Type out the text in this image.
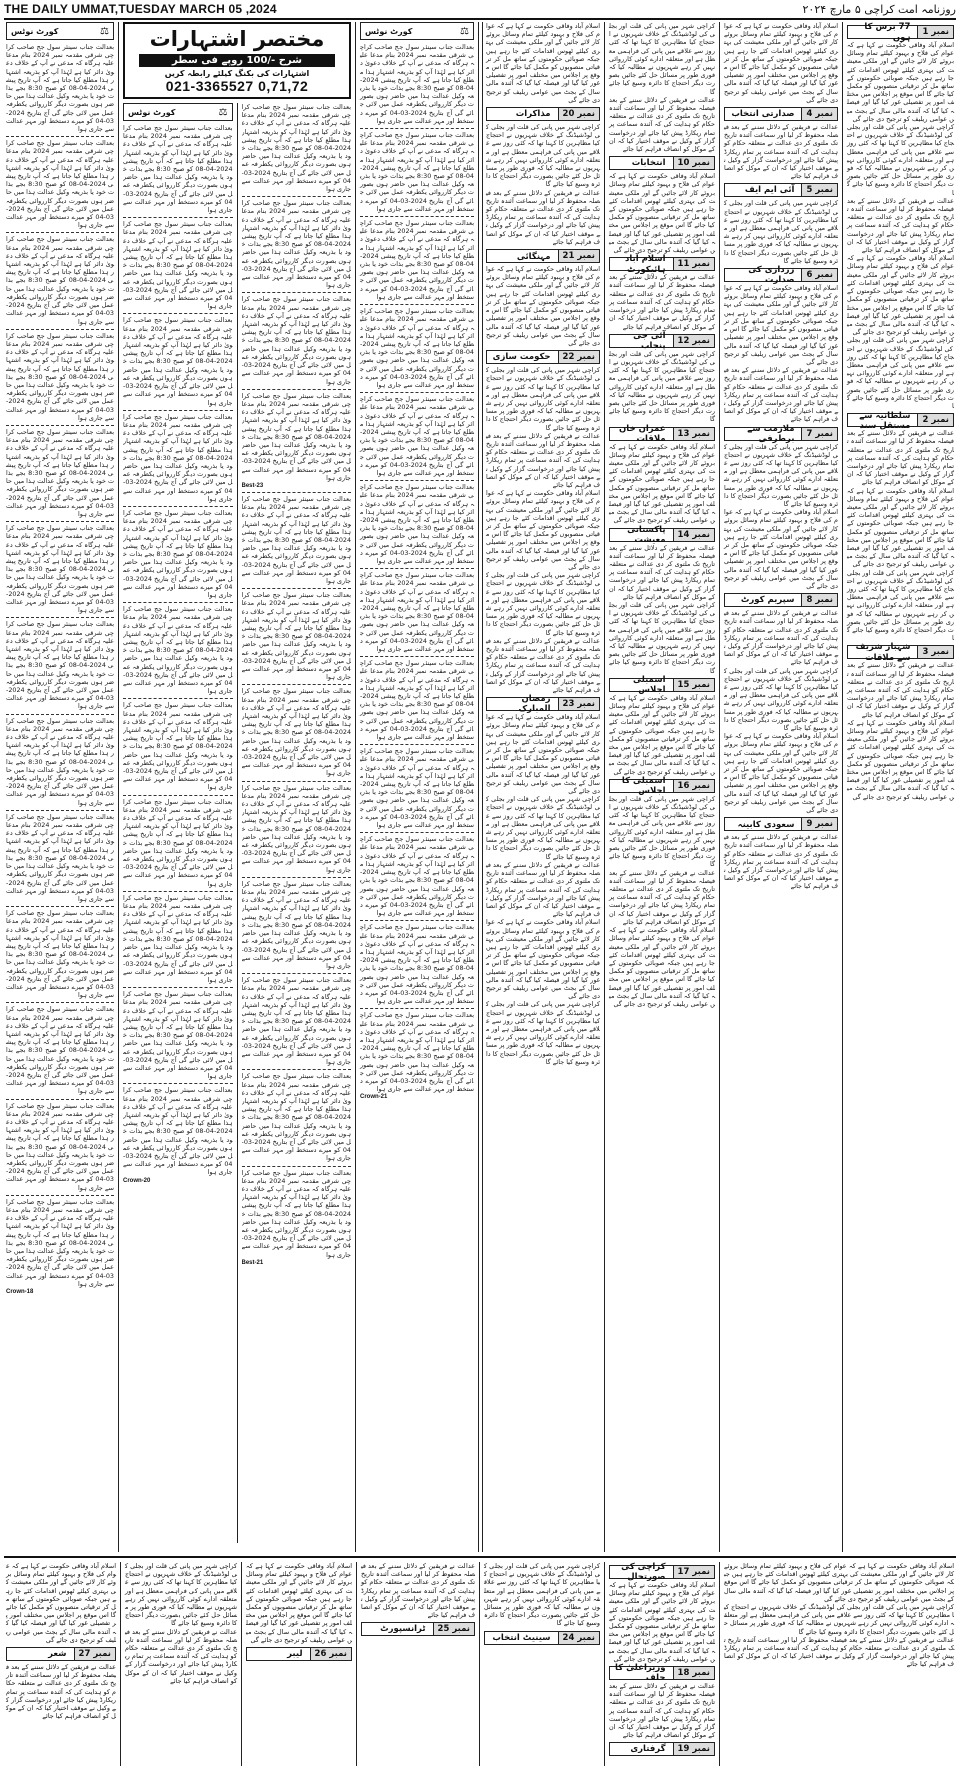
THE DAILY UMMAT,TUESDAY MARCH 05 ,2024	روزنامہ امت کراچی ۵ مارچ ۲۰۲۴
⚖
کورٹ نوٹس
بعدالت جناب سینئر سول جج صاحب کراچی شرقی مقدمہ نمبر 2024 بنام مدعا علیہ ہرگاہ کہ مدعی نے آپ کے خلاف دعویٰ دائر کیا ہے لہٰذا آپ کو بذریعہ اشتہار ہذا مطلع کیا جاتا ہے کہ آپ تاریخ پیشی 2024-04-08 کو صبح 8:30 بجے بذات خود یا بذریعہ وکیل عدالت ہذا میں حاضر ہوں بصورت دیگر کارروائی یکطرفہ عمل میں لائی جائے گی آج بتاریخ 2024-03-04 کو میرے دستخط اور مہر عدالت سے جاری ہوا
بعدالت جناب سینئر سول جج صاحب کراچی شرقی مقدمہ نمبر 2024 بنام مدعا علیہ ہرگاہ کہ مدعی نے آپ کے خلاف دعویٰ دائر کیا ہے لہٰذا آپ کو بذریعہ اشتہار ہذا مطلع کیا جاتا ہے کہ آپ تاریخ پیشی 2024-04-08 کو صبح 8:30 بجے بذات خود یا بذریعہ وکیل عدالت ہذا میں حاضر ہوں بصورت دیگر کارروائی یکطرفہ عمل میں لائی جائے گی آج بتاریخ 2024-03-04 کو میرے دستخط اور مہر عدالت سے جاری ہوا
بعدالت جناب سینئر سول جج صاحب کراچی شرقی مقدمہ نمبر 2024 بنام مدعا علیہ ہرگاہ کہ مدعی نے آپ کے خلاف دعویٰ دائر کیا ہے لہٰذا آپ کو بذریعہ اشتہار ہذا مطلع کیا جاتا ہے کہ آپ تاریخ پیشی 2024-04-08 کو صبح 8:30 بجے بذات خود یا بذریعہ وکیل عدالت ہذا میں حاضر ہوں بصورت دیگر کارروائی یکطرفہ عمل میں لائی جائے گی آج بتاریخ 2024-03-04 کو میرے دستخط اور مہر عدالت سے جاری ہوا
بعدالت جناب سینئر سول جج صاحب کراچی شرقی مقدمہ نمبر 2024 بنام مدعا علیہ ہرگاہ کہ مدعی نے آپ کے خلاف دعویٰ دائر کیا ہے لہٰذا آپ کو بذریعہ اشتہار ہذا مطلع کیا جاتا ہے کہ آپ تاریخ پیشی 2024-04-08 کو صبح 8:30 بجے بذات خود یا بذریعہ وکیل عدالت ہذا میں حاضر ہوں بصورت دیگر کارروائی یکطرفہ عمل میں لائی جائے گی آج بتاریخ 2024-03-04 کو میرے دستخط اور مہر عدالت سے جاری ہوا
بعدالت جناب سینئر سول جج صاحب کراچی شرقی مقدمہ نمبر 2024 بنام مدعا علیہ ہرگاہ کہ مدعی نے آپ کے خلاف دعویٰ دائر کیا ہے لہٰذا آپ کو بذریعہ اشتہار ہذا مطلع کیا جاتا ہے کہ آپ تاریخ پیشی 2024-04-08 کو صبح 8:30 بجے بذات خود یا بذریعہ وکیل عدالت ہذا میں حاضر ہوں بصورت دیگر کارروائی یکطرفہ عمل میں لائی جائے گی آج بتاریخ 2024-03-04 کو میرے دستخط اور مہر عدالت سے جاری ہوا
بعدالت جناب سینئر سول جج صاحب کراچی شرقی مقدمہ نمبر 2024 بنام مدعا علیہ ہرگاہ کہ مدعی نے آپ کے خلاف دعویٰ دائر کیا ہے لہٰذا آپ کو بذریعہ اشتہار ہذا مطلع کیا جاتا ہے کہ آپ تاریخ پیشی 2024-04-08 کو صبح 8:30 بجے بذات خود یا بذریعہ وکیل عدالت ہذا میں حاضر ہوں بصورت دیگر کارروائی یکطرفہ عمل میں لائی جائے گی آج بتاریخ 2024-03-04 کو میرے دستخط اور مہر عدالت سے جاری ہوا
بعدالت جناب سینئر سول جج صاحب کراچی شرقی مقدمہ نمبر 2024 بنام مدعا علیہ ہرگاہ کہ مدعی نے آپ کے خلاف دعویٰ دائر کیا ہے لہٰذا آپ کو بذریعہ اشتہار ہذا مطلع کیا جاتا ہے کہ آپ تاریخ پیشی 2024-04-08 کو صبح 8:30 بجے بذات خود یا بذریعہ وکیل عدالت ہذا میں حاضر ہوں بصورت دیگر کارروائی یکطرفہ عمل میں لائی جائے گی آج بتاریخ 2024-03-04 کو میرے دستخط اور مہر عدالت سے جاری ہوا
بعدالت جناب سینئر سول جج صاحب کراچی شرقی مقدمہ نمبر 2024 بنام مدعا علیہ ہرگاہ کہ مدعی نے آپ کے خلاف دعویٰ دائر کیا ہے لہٰذا آپ کو بذریعہ اشتہار ہذا مطلع کیا جاتا ہے کہ آپ تاریخ پیشی 2024-04-08 کو صبح 8:30 بجے بذات خود یا بذریعہ وکیل عدالت ہذا میں حاضر ہوں بصورت دیگر کارروائی یکطرفہ عمل میں لائی جائے گی آج بتاریخ 2024-03-04 کو میرے دستخط اور مہر عدالت سے جاری ہوا
بعدالت جناب سینئر سول جج صاحب کراچی شرقی مقدمہ نمبر 2024 بنام مدعا علیہ ہرگاہ کہ مدعی نے آپ کے خلاف دعویٰ دائر کیا ہے لہٰذا آپ کو بذریعہ اشتہار ہذا مطلع کیا جاتا ہے کہ آپ تاریخ پیشی 2024-04-08 کو صبح 8:30 بجے بذات خود یا بذریعہ وکیل عدالت ہذا میں حاضر ہوں بصورت دیگر کارروائی یکطرفہ عمل میں لائی جائے گی آج بتاریخ 2024-03-04 کو میرے دستخط اور مہر عدالت سے جاری ہوا
بعدالت جناب سینئر سول جج صاحب کراچی شرقی مقدمہ نمبر 2024 بنام مدعا علیہ ہرگاہ کہ مدعی نے آپ کے خلاف دعویٰ دائر کیا ہے لہٰذا آپ کو بذریعہ اشتہار ہذا مطلع کیا جاتا ہے کہ آپ تاریخ پیشی 2024-04-08 کو صبح 8:30 بجے بذات خود یا بذریعہ وکیل عدالت ہذا میں حاضر ہوں بصورت دیگر کارروائی یکطرفہ عمل میں لائی جائے گی آج بتاریخ 2024-03-04 کو میرے دستخط اور مہر عدالت سے جاری ہوا
بعدالت جناب سینئر سول جج صاحب کراچی شرقی مقدمہ نمبر 2024 بنام مدعا علیہ ہرگاہ کہ مدعی نے آپ کے خلاف دعویٰ دائر کیا ہے لہٰذا آپ کو بذریعہ اشتہار ہذا مطلع کیا جاتا ہے کہ آپ تاریخ پیشی 2024-04-08 کو صبح 8:30 بجے بذات خود یا بذریعہ وکیل عدالت ہذا میں حاضر ہوں بصورت دیگر کارروائی یکطرفہ عمل میں لائی جائے گی آج بتاریخ 2024-03-04 کو میرے دستخط اور مہر عدالت سے جاری ہوا
بعدالت جناب سینئر سول جج صاحب کراچی شرقی مقدمہ نمبر 2024 بنام مدعا علیہ ہرگاہ کہ مدعی نے آپ کے خلاف دعویٰ دائر کیا ہے لہٰذا آپ کو بذریعہ اشتہار ہذا مطلع کیا جاتا ہے کہ آپ تاریخ پیشی 2024-04-08 کو صبح 8:30 بجے بذات خود یا بذریعہ وکیل عدالت ہذا میں حاضر ہوں بصورت دیگر کارروائی یکطرفہ عمل میں لائی جائے گی آج بتاریخ 2024-03-04 کو میرے دستخط اور مہر عدالت سے جاری ہوا
بعدالت جناب سینئر سول جج صاحب کراچی شرقی مقدمہ نمبر 2024 بنام مدعا علیہ ہرگاہ کہ مدعی نے آپ کے خلاف دعویٰ دائر کیا ہے لہٰذا آپ کو بذریعہ اشتہار ہذا مطلع کیا جاتا ہے کہ آپ تاریخ پیشی 2024-04-08 کو صبح 8:30 بجے بذات خود یا بذریعہ وکیل عدالت ہذا میں حاضر ہوں بصورت دیگر کارروائی یکطرفہ عمل میں لائی جائے گی آج بتاریخ 2024-03-04 کو میرے دستخط اور مہر عدالت سے جاری ہوا
Crown-18
مختصر اشتہارات
شرح -/100 روپے فی سطر
اشتہارات کی بکنگ کیلئے رابطہ کریں
021-3365527 0,71,72
⚖
کورٹ نوٹس
بعدالت جناب سینئر سول جج صاحب کراچی شرقی مقدمہ نمبر 2024 بنام مدعا علیہ ہرگاہ کہ مدعی نے آپ کے خلاف دعویٰ دائر کیا ہے لہٰذا آپ کو بذریعہ اشتہار ہذا مطلع کیا جاتا ہے کہ آپ تاریخ پیشی 2024-04-08 کو صبح 8:30 بجے بذات خود یا بذریعہ وکیل عدالت ہذا میں حاضر ہوں بصورت دیگر کارروائی یکطرفہ عمل میں لائی جائے گی آج بتاریخ 2024-03-04 کو میرے دستخط اور مہر عدالت سے جاری ہوا
بعدالت جناب سینئر سول جج صاحب کراچی شرقی مقدمہ نمبر 2024 بنام مدعا علیہ ہرگاہ کہ مدعی نے آپ کے خلاف دعویٰ دائر کیا ہے لہٰذا آپ کو بذریعہ اشتہار ہذا مطلع کیا جاتا ہے کہ آپ تاریخ پیشی 2024-04-08 کو صبح 8:30 بجے بذات خود یا بذریعہ وکیل عدالت ہذا میں حاضر ہوں بصورت دیگر کارروائی یکطرفہ عمل میں لائی جائے گی آج بتاریخ 2024-03-04 کو میرے دستخط اور مہر عدالت سے جاری ہوا
بعدالت جناب سینئر سول جج صاحب کراچی شرقی مقدمہ نمبر 2024 بنام مدعا علیہ ہرگاہ کہ مدعی نے آپ کے خلاف دعویٰ دائر کیا ہے لہٰذا آپ کو بذریعہ اشتہار ہذا مطلع کیا جاتا ہے کہ آپ تاریخ پیشی 2024-04-08 کو صبح 8:30 بجے بذات خود یا بذریعہ وکیل عدالت ہذا میں حاضر ہوں بصورت دیگر کارروائی یکطرفہ عمل میں لائی جائے گی آج بتاریخ 2024-03-04 کو میرے دستخط اور مہر عدالت سے جاری ہوا
بعدالت جناب سینئر سول جج صاحب کراچی شرقی مقدمہ نمبر 2024 بنام مدعا علیہ ہرگاہ کہ مدعی نے آپ کے خلاف دعویٰ دائر کیا ہے لہٰذا آپ کو بذریعہ اشتہار ہذا مطلع کیا جاتا ہے کہ آپ تاریخ پیشی 2024-04-08 کو صبح 8:30 بجے بذات خود یا بذریعہ وکیل عدالت ہذا میں حاضر ہوں بصورت دیگر کارروائی یکطرفہ عمل میں لائی جائے گی آج بتاریخ 2024-03-04 کو میرے دستخط اور مہر عدالت سے جاری ہوا
بعدالت جناب سینئر سول جج صاحب کراچی شرقی مقدمہ نمبر 2024 بنام مدعا علیہ ہرگاہ کہ مدعی نے آپ کے خلاف دعویٰ دائر کیا ہے لہٰذا آپ کو بذریعہ اشتہار ہذا مطلع کیا جاتا ہے کہ آپ تاریخ پیشی 2024-04-08 کو صبح 8:30 بجے بذات خود یا بذریعہ وکیل عدالت ہذا میں حاضر ہوں بصورت دیگر کارروائی یکطرفہ عمل میں لائی جائے گی آج بتاریخ 2024-03-04 کو میرے دستخط اور مہر عدالت سے جاری ہوا
بعدالت جناب سینئر سول جج صاحب کراچی شرقی مقدمہ نمبر 2024 بنام مدعا علیہ ہرگاہ کہ مدعی نے آپ کے خلاف دعویٰ دائر کیا ہے لہٰذا آپ کو بذریعہ اشتہار ہذا مطلع کیا جاتا ہے کہ آپ تاریخ پیشی 2024-04-08 کو صبح 8:30 بجے بذات خود یا بذریعہ وکیل عدالت ہذا میں حاضر ہوں بصورت دیگر کارروائی یکطرفہ عمل میں لائی جائے گی آج بتاریخ 2024-03-04 کو میرے دستخط اور مہر عدالت سے جاری ہوا
بعدالت جناب سینئر سول جج صاحب کراچی شرقی مقدمہ نمبر 2024 بنام مدعا علیہ ہرگاہ کہ مدعی نے آپ کے خلاف دعویٰ دائر کیا ہے لہٰذا آپ کو بذریعہ اشتہار ہذا مطلع کیا جاتا ہے کہ آپ تاریخ پیشی 2024-04-08 کو صبح 8:30 بجے بذات خود یا بذریعہ وکیل عدالت ہذا میں حاضر ہوں بصورت دیگر کارروائی یکطرفہ عمل میں لائی جائے گی آج بتاریخ 2024-03-04 کو میرے دستخط اور مہر عدالت سے جاری ہوا
بعدالت جناب سینئر سول جج صاحب کراچی شرقی مقدمہ نمبر 2024 بنام مدعا علیہ ہرگاہ کہ مدعی نے آپ کے خلاف دعویٰ دائر کیا ہے لہٰذا آپ کو بذریعہ اشتہار ہذا مطلع کیا جاتا ہے کہ آپ تاریخ پیشی 2024-04-08 کو صبح 8:30 بجے بذات خود یا بذریعہ وکیل عدالت ہذا میں حاضر ہوں بصورت دیگر کارروائی یکطرفہ عمل میں لائی جائے گی آج بتاریخ 2024-03-04 کو میرے دستخط اور مہر عدالت سے جاری ہوا
بعدالت جناب سینئر سول جج صاحب کراچی شرقی مقدمہ نمبر 2024 بنام مدعا علیہ ہرگاہ کہ مدعی نے آپ کے خلاف دعویٰ دائر کیا ہے لہٰذا آپ کو بذریعہ اشتہار ہذا مطلع کیا جاتا ہے کہ آپ تاریخ پیشی 2024-04-08 کو صبح 8:30 بجے بذات خود یا بذریعہ وکیل عدالت ہذا میں حاضر ہوں بصورت دیگر کارروائی یکطرفہ عمل میں لائی جائے گی آج بتاریخ 2024-03-04 کو میرے دستخط اور مہر عدالت سے جاری ہوا
بعدالت جناب سینئر سول جج صاحب کراچی شرقی مقدمہ نمبر 2024 بنام مدعا علیہ ہرگاہ کہ مدعی نے آپ کے خلاف دعویٰ دائر کیا ہے لہٰذا آپ کو بذریعہ اشتہار ہذا مطلع کیا جاتا ہے کہ آپ تاریخ پیشی 2024-04-08 کو صبح 8:30 بجے بذات خود یا بذریعہ وکیل عدالت ہذا میں حاضر ہوں بصورت دیگر کارروائی یکطرفہ عمل میں لائی جائے گی آج بتاریخ 2024-03-04 کو میرے دستخط اور مہر عدالت سے جاری ہوا
بعدالت جناب سینئر سول جج صاحب کراچی شرقی مقدمہ نمبر 2024 بنام مدعا علیہ ہرگاہ کہ مدعی نے آپ کے خلاف دعویٰ دائر کیا ہے لہٰذا آپ کو بذریعہ اشتہار ہذا مطلع کیا جاتا ہے کہ آپ تاریخ پیشی 2024-04-08 کو صبح 8:30 بجے بذات خود یا بذریعہ وکیل عدالت ہذا میں حاضر ہوں بصورت دیگر کارروائی یکطرفہ عمل میں لائی جائے گی آج بتاریخ 2024-03-04 کو میرے دستخط اور مہر عدالت سے جاری ہوا
Crown-20
بعدالت جناب سینئر سول جج صاحب کراچی شرقی مقدمہ نمبر 2024 بنام مدعا علیہ ہرگاہ کہ مدعی نے آپ کے خلاف دعویٰ دائر کیا ہے لہٰذا آپ کو بذریعہ اشتہار ہذا مطلع کیا جاتا ہے کہ آپ تاریخ پیشی 2024-04-08 کو صبح 8:30 بجے بذات خود یا بذریعہ وکیل عدالت ہذا میں حاضر ہوں بصورت دیگر کارروائی یکطرفہ عمل میں لائی جائے گی آج بتاریخ 2024-03-04 کو میرے دستخط اور مہر عدالت سے جاری ہوا
بعدالت جناب سینئر سول جج صاحب کراچی شرقی مقدمہ نمبر 2024 بنام مدعا علیہ ہرگاہ کہ مدعی نے آپ کے خلاف دعویٰ دائر کیا ہے لہٰذا آپ کو بذریعہ اشتہار ہذا مطلع کیا جاتا ہے کہ آپ تاریخ پیشی 2024-04-08 کو صبح 8:30 بجے بذات خود یا بذریعہ وکیل عدالت ہذا میں حاضر ہوں بصورت دیگر کارروائی یکطرفہ عمل میں لائی جائے گی آج بتاریخ 2024-03-04 کو میرے دستخط اور مہر عدالت سے جاری ہوا
بعدالت جناب سینئر سول جج صاحب کراچی شرقی مقدمہ نمبر 2024 بنام مدعا علیہ ہرگاہ کہ مدعی نے آپ کے خلاف دعویٰ دائر کیا ہے لہٰذا آپ کو بذریعہ اشتہار ہذا مطلع کیا جاتا ہے کہ آپ تاریخ پیشی 2024-04-08 کو صبح 8:30 بجے بذات خود یا بذریعہ وکیل عدالت ہذا میں حاضر ہوں بصورت دیگر کارروائی یکطرفہ عمل میں لائی جائے گی آج بتاریخ 2024-03-04 کو میرے دستخط اور مہر عدالت سے جاری ہوا
بعدالت جناب سینئر سول جج صاحب کراچی شرقی مقدمہ نمبر 2024 بنام مدعا علیہ ہرگاہ کہ مدعی نے آپ کے خلاف دعویٰ دائر کیا ہے لہٰذا آپ کو بذریعہ اشتہار ہذا مطلع کیا جاتا ہے کہ آپ تاریخ پیشی 2024-04-08 کو صبح 8:30 بجے بذات خود یا بذریعہ وکیل عدالت ہذا میں حاضر ہوں بصورت دیگر کارروائی یکطرفہ عمل میں لائی جائے گی آج بتاریخ 2024-03-04 کو میرے دستخط اور مہر عدالت سے جاری ہوا
Best-23
بعدالت جناب سینئر سول جج صاحب کراچی شرقی مقدمہ نمبر 2024 بنام مدعا علیہ ہرگاہ کہ مدعی نے آپ کے خلاف دعویٰ دائر کیا ہے لہٰذا آپ کو بذریعہ اشتہار ہذا مطلع کیا جاتا ہے کہ آپ تاریخ پیشی 2024-04-08 کو صبح 8:30 بجے بذات خود یا بذریعہ وکیل عدالت ہذا میں حاضر ہوں بصورت دیگر کارروائی یکطرفہ عمل میں لائی جائے گی آج بتاریخ 2024-03-04 کو میرے دستخط اور مہر عدالت سے جاری ہوا
بعدالت جناب سینئر سول جج صاحب کراچی شرقی مقدمہ نمبر 2024 بنام مدعا علیہ ہرگاہ کہ مدعی نے آپ کے خلاف دعویٰ دائر کیا ہے لہٰذا آپ کو بذریعہ اشتہار ہذا مطلع کیا جاتا ہے کہ آپ تاریخ پیشی 2024-04-08 کو صبح 8:30 بجے بذات خود یا بذریعہ وکیل عدالت ہذا میں حاضر ہوں بصورت دیگر کارروائی یکطرفہ عمل میں لائی جائے گی آج بتاریخ 2024-03-04 کو میرے دستخط اور مہر عدالت سے جاری ہوا
بعدالت جناب سینئر سول جج صاحب کراچی شرقی مقدمہ نمبر 2024 بنام مدعا علیہ ہرگاہ کہ مدعی نے آپ کے خلاف دعویٰ دائر کیا ہے لہٰذا آپ کو بذریعہ اشتہار ہذا مطلع کیا جاتا ہے کہ آپ تاریخ پیشی 2024-04-08 کو صبح 8:30 بجے بذات خود یا بذریعہ وکیل عدالت ہذا میں حاضر ہوں بصورت دیگر کارروائی یکطرفہ عمل میں لائی جائے گی آج بتاریخ 2024-03-04 کو میرے دستخط اور مہر عدالت سے جاری ہوا
بعدالت جناب سینئر سول جج صاحب کراچی شرقی مقدمہ نمبر 2024 بنام مدعا علیہ ہرگاہ کہ مدعی نے آپ کے خلاف دعویٰ دائر کیا ہے لہٰذا آپ کو بذریعہ اشتہار ہذا مطلع کیا جاتا ہے کہ آپ تاریخ پیشی 2024-04-08 کو صبح 8:30 بجے بذات خود یا بذریعہ وکیل عدالت ہذا میں حاضر ہوں بصورت دیگر کارروائی یکطرفہ عمل میں لائی جائے گی آج بتاریخ 2024-03-04 کو میرے دستخط اور مہر عدالت سے جاری ہوا
بعدالت جناب سینئر سول جج صاحب کراچی شرقی مقدمہ نمبر 2024 بنام مدعا علیہ ہرگاہ کہ مدعی نے آپ کے خلاف دعویٰ دائر کیا ہے لہٰذا آپ کو بذریعہ اشتہار ہذا مطلع کیا جاتا ہے کہ آپ تاریخ پیشی 2024-04-08 کو صبح 8:30 بجے بذات خود یا بذریعہ وکیل عدالت ہذا میں حاضر ہوں بصورت دیگر کارروائی یکطرفہ عمل میں لائی جائے گی آج بتاریخ 2024-03-04 کو میرے دستخط اور مہر عدالت سے جاری ہوا
بعدالت جناب سینئر سول جج صاحب کراچی شرقی مقدمہ نمبر 2024 بنام مدعا علیہ ہرگاہ کہ مدعی نے آپ کے خلاف دعویٰ دائر کیا ہے لہٰذا آپ کو بذریعہ اشتہار ہذا مطلع کیا جاتا ہے کہ آپ تاریخ پیشی 2024-04-08 کو صبح 8:30 بجے بذات خود یا بذریعہ وکیل عدالت ہذا میں حاضر ہوں بصورت دیگر کارروائی یکطرفہ عمل میں لائی جائے گی آج بتاریخ 2024-03-04 کو میرے دستخط اور مہر عدالت سے جاری ہوا
بعدالت جناب سینئر سول جج صاحب کراچی شرقی مقدمہ نمبر 2024 بنام مدعا علیہ ہرگاہ کہ مدعی نے آپ کے خلاف دعویٰ دائر کیا ہے لہٰذا آپ کو بذریعہ اشتہار ہذا مطلع کیا جاتا ہے کہ آپ تاریخ پیشی 2024-04-08 کو صبح 8:30 بجے بذات خود یا بذریعہ وکیل عدالت ہذا میں حاضر ہوں بصورت دیگر کارروائی یکطرفہ عمل میں لائی جائے گی آج بتاریخ 2024-03-04 کو میرے دستخط اور مہر عدالت سے جاری ہوا
بعدالت جناب سینئر سول جج صاحب کراچی شرقی مقدمہ نمبر 2024 بنام مدعا علیہ ہرگاہ کہ مدعی نے آپ کے خلاف دعویٰ دائر کیا ہے لہٰذا آپ کو بذریعہ اشتہار ہذا مطلع کیا جاتا ہے کہ آپ تاریخ پیشی 2024-04-08 کو صبح 8:30 بجے بذات خود یا بذریعہ وکیل عدالت ہذا میں حاضر ہوں بصورت دیگر کارروائی یکطرفہ عمل میں لائی جائے گی آج بتاریخ 2024-03-04 کو میرے دستخط اور مہر عدالت سے جاری ہوا
Best-21
⚖
کورٹ نوٹس
بعدالت جناب سینئر سول جج صاحب کراچی شرقی مقدمہ نمبر 2024 بنام مدعا علیہ ہرگاہ کہ مدعی نے آپ کے خلاف دعویٰ دائر کیا ہے لہٰذا آپ کو بذریعہ اشتہار ہذا مطلع کیا جاتا ہے کہ آپ تاریخ پیشی 2024-04-08 کو صبح 8:30 بجے بذات خود یا بذریعہ وکیل عدالت ہذا میں حاضر ہوں بصورت دیگر کارروائی یکطرفہ عمل میں لائی جائے گی آج بتاریخ 2024-03-04 کو میرے دستخط اور مہر عدالت سے جاری ہوا
بعدالت جناب سینئر سول جج صاحب کراچی شرقی مقدمہ نمبر 2024 بنام مدعا علیہ ہرگاہ کہ مدعی نے آپ کے خلاف دعویٰ دائر کیا ہے لہٰذا آپ کو بذریعہ اشتہار ہذا مطلع کیا جاتا ہے کہ آپ تاریخ پیشی 2024-04-08 کو صبح 8:30 بجے بذات خود یا بذریعہ وکیل عدالت ہذا میں حاضر ہوں بصورت دیگر کارروائی یکطرفہ عمل میں لائی جائے گی آج بتاریخ 2024-03-04 کو میرے دستخط اور مہر عدالت سے جاری ہوا
بعدالت جناب سینئر سول جج صاحب کراچی شرقی مقدمہ نمبر 2024 بنام مدعا علیہ ہرگاہ کہ مدعی نے آپ کے خلاف دعویٰ دائر کیا ہے لہٰذا آپ کو بذریعہ اشتہار ہذا مطلع کیا جاتا ہے کہ آپ تاریخ پیشی 2024-04-08 کو صبح 8:30 بجے بذات خود یا بذریعہ وکیل عدالت ہذا میں حاضر ہوں بصورت دیگر کارروائی یکطرفہ عمل میں لائی جائے گی آج بتاریخ 2024-03-04 کو میرے دستخط اور مہر عدالت سے جاری ہوا
بعدالت جناب سینئر سول جج صاحب کراچی شرقی مقدمہ نمبر 2024 بنام مدعا علیہ ہرگاہ کہ مدعی نے آپ کے خلاف دعویٰ دائر کیا ہے لہٰذا آپ کو بذریعہ اشتہار ہذا مطلع کیا جاتا ہے کہ آپ تاریخ پیشی 2024-04-08 کو صبح 8:30 بجے بذات خود یا بذریعہ وکیل عدالت ہذا میں حاضر ہوں بصورت دیگر کارروائی یکطرفہ عمل میں لائی جائے گی آج بتاریخ 2024-03-04 کو میرے دستخط اور مہر عدالت سے جاری ہوا
بعدالت جناب سینئر سول جج صاحب کراچی شرقی مقدمہ نمبر 2024 بنام مدعا علیہ ہرگاہ کہ مدعی نے آپ کے خلاف دعویٰ دائر کیا ہے لہٰذا آپ کو بذریعہ اشتہار ہذا مطلع کیا جاتا ہے کہ آپ تاریخ پیشی 2024-04-08 کو صبح 8:30 بجے بذات خود یا بذریعہ وکیل عدالت ہذا میں حاضر ہوں بصورت دیگر کارروائی یکطرفہ عمل میں لائی جائے گی آج بتاریخ 2024-03-04 کو میرے دستخط اور مہر عدالت سے جاری ہوا
بعدالت جناب سینئر سول جج صاحب کراچی شرقی مقدمہ نمبر 2024 بنام مدعا علیہ ہرگاہ کہ مدعی نے آپ کے خلاف دعویٰ دائر کیا ہے لہٰذا آپ کو بذریعہ اشتہار ہذا مطلع کیا جاتا ہے کہ آپ تاریخ پیشی 2024-04-08 کو صبح 8:30 بجے بذات خود یا بذریعہ وکیل عدالت ہذا میں حاضر ہوں بصورت دیگر کارروائی یکطرفہ عمل میں لائی جائے گی آج بتاریخ 2024-03-04 کو میرے دستخط اور مہر عدالت سے جاری ہوا
بعدالت جناب سینئر سول جج صاحب کراچی شرقی مقدمہ نمبر 2024 بنام مدعا علیہ ہرگاہ کہ مدعی نے آپ کے خلاف دعویٰ دائر کیا ہے لہٰذا آپ کو بذریعہ اشتہار ہذا مطلع کیا جاتا ہے کہ آپ تاریخ پیشی 2024-04-08 کو صبح 8:30 بجے بذات خود یا بذریعہ وکیل عدالت ہذا میں حاضر ہوں بصورت دیگر کارروائی یکطرفہ عمل میں لائی جائے گی آج بتاریخ 2024-03-04 کو میرے دستخط اور مہر عدالت سے جاری ہوا
بعدالت جناب سینئر سول جج صاحب کراچی شرقی مقدمہ نمبر 2024 بنام مدعا علیہ ہرگاہ کہ مدعی نے آپ کے خلاف دعویٰ دائر کیا ہے لہٰذا آپ کو بذریعہ اشتہار ہذا مطلع کیا جاتا ہے کہ آپ تاریخ پیشی 2024-04-08 کو صبح 8:30 بجے بذات خود یا بذریعہ وکیل عدالت ہذا میں حاضر ہوں بصورت دیگر کارروائی یکطرفہ عمل میں لائی جائے گی آج بتاریخ 2024-03-04 کو میرے دستخط اور مہر عدالت سے جاری ہوا
بعدالت جناب سینئر سول جج صاحب کراچی شرقی مقدمہ نمبر 2024 بنام مدعا علیہ ہرگاہ کہ مدعی نے آپ کے خلاف دعویٰ دائر کیا ہے لہٰذا آپ کو بذریعہ اشتہار ہذا مطلع کیا جاتا ہے کہ آپ تاریخ پیشی 2024-04-08 کو صبح 8:30 بجے بذات خود یا بذریعہ وکیل عدالت ہذا میں حاضر ہوں بصورت دیگر کارروائی یکطرفہ عمل میں لائی جائے گی آج بتاریخ 2024-03-04 کو میرے دستخط اور مہر عدالت سے جاری ہوا
بعدالت جناب سینئر سول جج صاحب کراچی شرقی مقدمہ نمبر 2024 بنام مدعا علیہ ہرگاہ کہ مدعی نے آپ کے خلاف دعویٰ دائر کیا ہے لہٰذا آپ کو بذریعہ اشتہار ہذا مطلع کیا جاتا ہے کہ آپ تاریخ پیشی 2024-04-08 کو صبح 8:30 بجے بذات خود یا بذریعہ وکیل عدالت ہذا میں حاضر ہوں بصورت دیگر کارروائی یکطرفہ عمل میں لائی جائے گی آج بتاریخ 2024-03-04 کو میرے دستخط اور مہر عدالت سے جاری ہوا
بعدالت جناب سینئر سول جج صاحب کراچی شرقی مقدمہ نمبر 2024 بنام مدعا علیہ ہرگاہ کہ مدعی نے آپ کے خلاف دعویٰ دائر کیا ہے لہٰذا آپ کو بذریعہ اشتہار ہذا مطلع کیا جاتا ہے کہ آپ تاریخ پیشی 2024-04-08 کو صبح 8:30 بجے بذات خود یا بذریعہ وکیل عدالت ہذا میں حاضر ہوں بصورت دیگر کارروائی یکطرفہ عمل میں لائی جائے گی آج بتاریخ 2024-03-04 کو میرے دستخط اور مہر عدالت سے جاری ہوا
بعدالت جناب سینئر سول جج صاحب کراچی شرقی مقدمہ نمبر 2024 بنام مدعا علیہ ہرگاہ کہ مدعی نے آپ کے خلاف دعویٰ دائر کیا ہے لہٰذا آپ کو بذریعہ اشتہار ہذا مطلع کیا جاتا ہے کہ آپ تاریخ پیشی 2024-04-08 کو صبح 8:30 بجے بذات خود یا بذریعہ وکیل عدالت ہذا میں حاضر ہوں بصورت دیگر کارروائی یکطرفہ عمل میں لائی جائے گی آج بتاریخ 2024-03-04 کو میرے دستخط اور مہر عدالت سے جاری ہوا
Crown-21
اسلام آباد وفاقی حکومت نے کہا ہے کہ عوام کی فلاح و بہبود کیلئے تمام وسائل بروئے کار لائے جائیں گے اور ملکی معیشت کی بہتری کیلئے ٹھوس اقدامات کئے جا رہے ہیں جبکہ صوبائی حکومتوں کے ساتھ مل کر ترقیاتی منصوبوں کو مکمل کیا جائے گا اس موقع پر اجلاس میں مختلف امور پر تفصیلی غور کیا گیا اور فیصلہ کیا گیا کہ آئندہ مالی سال کے بجٹ میں عوامی ریلیف کو ترجیح دی جائے گی
نمبر

20
مذاکرات
کراچی شہر میں پانی کی قلت اور بجلی کی لوڈشیڈنگ کے خلاف شہریوں نے احتجاج کیا مظاہرین کا کہنا تھا کہ کئی روز سے علاقے میں پانی کی فراہمی معطل ہے اور متعلقہ ادارے کوئی کارروائی نہیں کر رہے شہریوں نے مطالبہ کیا کہ فوری طور پر مسائل حل کئے جائیں بصورت دیگر احتجاج کا دائرہ وسیع کیا جائے گا
عدالت نے فریقین کے دلائل سننے کے بعد فیصلہ محفوظ کر لیا اور سماعت آئندہ تاریخ تک ملتوی کر دی عدالت نے متعلقہ حکام کو ہدایت کی کہ آئندہ سماعت پر تمام ریکارڈ پیش کیا جائے اور درخواست گزار کے وکیل نے موقف اختیار کیا کہ ان کے موکل کو انصاف فراہم کیا جائے
نمبر

21
مہنگائی
اسلام آباد وفاقی حکومت نے کہا ہے کہ عوام کی فلاح و بہبود کیلئے تمام وسائل بروئے کار لائے جائیں گے اور ملکی معیشت کی بہتری کیلئے ٹھوس اقدامات کئے جا رہے ہیں جبکہ صوبائی حکومتوں کے ساتھ مل کر ترقیاتی منصوبوں کو مکمل کیا جائے گا اس موقع پر اجلاس میں مختلف امور پر تفصیلی غور کیا گیا اور فیصلہ کیا گیا کہ آئندہ مالی سال کے بجٹ میں عوامی ریلیف کو ترجیح دی جائے گی
نمبر

22
حکومت سازی
کراچی شہر میں پانی کی قلت اور بجلی کی لوڈشیڈنگ کے خلاف شہریوں نے احتجاج کیا مظاہرین کا کہنا تھا کہ کئی روز سے علاقے میں پانی کی فراہمی معطل ہے اور متعلقہ ادارے کوئی کارروائی نہیں کر رہے شہریوں نے مطالبہ کیا کہ فوری طور پر مسائل حل کئے جائیں بصورت دیگر احتجاج کا دائرہ وسیع کیا جائے گا
عدالت نے فریقین کے دلائل سننے کے بعد فیصلہ محفوظ کر لیا اور سماعت آئندہ تاریخ تک ملتوی کر دی عدالت نے متعلقہ حکام کو ہدایت کی کہ آئندہ سماعت پر تمام ریکارڈ پیش کیا جائے اور درخواست گزار کے وکیل نے موقف اختیار کیا کہ ان کے موکل کو انصاف فراہم کیا جائے
اسلام آباد وفاقی حکومت نے کہا ہے کہ عوام کی فلاح و بہبود کیلئے تمام وسائل بروئے کار لائے جائیں گے اور ملکی معیشت کی بہتری کیلئے ٹھوس اقدامات کئے جا رہے ہیں جبکہ صوبائی حکومتوں کے ساتھ مل کر ترقیاتی منصوبوں کو مکمل کیا جائے گا اس موقع پر اجلاس میں مختلف امور پر تفصیلی غور کیا گیا اور فیصلہ کیا گیا کہ آئندہ مالی سال کے بجٹ میں عوامی ریلیف کو ترجیح دی جائے گی
کراچی شہر میں پانی کی قلت اور بجلی کی لوڈشیڈنگ کے خلاف شہریوں نے احتجاج کیا مظاہرین کا کہنا تھا کہ کئی روز سے علاقے میں پانی کی فراہمی معطل ہے اور متعلقہ ادارے کوئی کارروائی نہیں کر رہے شہریوں نے مطالبہ کیا کہ فوری طور پر مسائل حل کئے جائیں بصورت دیگر احتجاج کا دائرہ وسیع کیا جائے گا
عدالت نے فریقین کے دلائل سننے کے بعد فیصلہ محفوظ کر لیا اور سماعت آئندہ تاریخ تک ملتوی کر دی عدالت نے متعلقہ حکام کو ہدایت کی کہ آئندہ سماعت پر تمام ریکارڈ پیش کیا جائے اور درخواست گزار کے وکیل نے موقف اختیار کیا کہ ان کے موکل کو انصاف فراہم کیا جائے
نمبر

23
رمضان المبارک
اسلام آباد وفاقی حکومت نے کہا ہے کہ عوام کی فلاح و بہبود کیلئے تمام وسائل بروئے کار لائے جائیں گے اور ملکی معیشت کی بہتری کیلئے ٹھوس اقدامات کئے جا رہے ہیں جبکہ صوبائی حکومتوں کے ساتھ مل کر ترقیاتی منصوبوں کو مکمل کیا جائے گا اس موقع پر اجلاس میں مختلف امور پر تفصیلی غور کیا گیا اور فیصلہ کیا گیا کہ آئندہ مالی سال کے بجٹ میں عوامی ریلیف کو ترجیح دی جائے گی
کراچی شہر میں پانی کی قلت اور بجلی کی لوڈشیڈنگ کے خلاف شہریوں نے احتجاج کیا مظاہرین کا کہنا تھا کہ کئی روز سے علاقے میں پانی کی فراہمی معطل ہے اور متعلقہ ادارے کوئی کارروائی نہیں کر رہے شہریوں نے مطالبہ کیا کہ فوری طور پر مسائل حل کئے جائیں بصورت دیگر احتجاج کا دائرہ وسیع کیا جائے گا
عدالت نے فریقین کے دلائل سننے کے بعد فیصلہ محفوظ کر لیا اور سماعت آئندہ تاریخ تک ملتوی کر دی عدالت نے متعلقہ حکام کو ہدایت کی کہ آئندہ سماعت پر تمام ریکارڈ پیش کیا جائے اور درخواست گزار کے وکیل نے موقف اختیار کیا کہ ان کے موکل کو انصاف فراہم کیا جائے
اسلام آباد وفاقی حکومت نے کہا ہے کہ عوام کی فلاح و بہبود کیلئے تمام وسائل بروئے کار لائے جائیں گے اور ملکی معیشت کی بہتری کیلئے ٹھوس اقدامات کئے جا رہے ہیں جبکہ صوبائی حکومتوں کے ساتھ مل کر ترقیاتی منصوبوں کو مکمل کیا جائے گا اس موقع پر اجلاس میں مختلف امور پر تفصیلی غور کیا گیا اور فیصلہ کیا گیا کہ آئندہ مالی سال کے بجٹ میں عوامی ریلیف کو ترجیح دی جائے گی
کراچی شہر میں پانی کی قلت اور بجلی کی لوڈشیڈنگ کے خلاف شہریوں نے احتجاج کیا مظاہرین کا کہنا تھا کہ کئی روز سے علاقے میں پانی کی فراہمی معطل ہے اور متعلقہ ادارے کوئی کارروائی نہیں کر رہے شہریوں نے مطالبہ کیا کہ فوری طور پر مسائل حل کئے جائیں بصورت دیگر احتجاج کا دائرہ وسیع کیا جائے گا
کراچی شہر میں پانی کی قلت اور بجلی کی لوڈشیڈنگ کے خلاف شہریوں نے احتجاج کیا مظاہرین کا کہنا تھا کہ کئی روز سے علاقے میں پانی کی فراہمی معطل ہے اور متعلقہ ادارے کوئی کارروائی نہیں کر رہے شہریوں نے مطالبہ کیا کہ فوری طور پر مسائل حل کئے جائیں بصورت دیگر احتجاج کا دائرہ وسیع کیا جائے گا
عدالت نے فریقین کے دلائل سننے کے بعد فیصلہ محفوظ کر لیا اور سماعت آئندہ تاریخ تک ملتوی کر دی عدالت نے متعلقہ حکام کو ہدایت کی کہ آئندہ سماعت پر تمام ریکارڈ پیش کیا جائے اور درخواست گزار کے وکیل نے موقف اختیار کیا کہ ان کے موکل کو انصاف فراہم کیا جائے
نمبر

10
انتخابات
اسلام آباد وفاقی حکومت نے کہا ہے کہ عوام کی فلاح و بہبود کیلئے تمام وسائل بروئے کار لائے جائیں گے اور ملکی معیشت کی بہتری کیلئے ٹھوس اقدامات کئے جا رہے ہیں جبکہ صوبائی حکومتوں کے ساتھ مل کر ترقیاتی منصوبوں کو مکمل کیا جائے گا اس موقع پر اجلاس میں مختلف امور پر تفصیلی غور کیا گیا اور فیصلہ کیا گیا کہ آئندہ مالی سال کے بجٹ میں عوامی ریلیف کو ترجیح دی جائے گی
نمبر

11
اسلام آباد ہائیکورٹ
عدالت نے فریقین کے دلائل سننے کے بعد فیصلہ محفوظ کر لیا اور سماعت آئندہ تاریخ تک ملتوی کر دی عدالت نے متعلقہ حکام کو ہدایت کی کہ آئندہ سماعت پر تمام ریکارڈ پیش کیا جائے اور درخواست گزار کے وکیل نے موقف اختیار کیا کہ ان کے موکل کو انصاف فراہم کیا جائے
نمبر

12
آئی جی پنجاب
کراچی شہر میں پانی کی قلت اور بجلی کی لوڈشیڈنگ کے خلاف شہریوں نے احتجاج کیا مظاہرین کا کہنا تھا کہ کئی روز سے علاقے میں پانی کی فراہمی معطل ہے اور متعلقہ ادارے کوئی کارروائی نہیں کر رہے شہریوں نے مطالبہ کیا کہ فوری طور پر مسائل حل کئے جائیں بصورت دیگر احتجاج کا دائرہ وسیع کیا جائے گا
نمبر

13
عمران خان ملاقات
اسلام آباد وفاقی حکومت نے کہا ہے کہ عوام کی فلاح و بہبود کیلئے تمام وسائل بروئے کار لائے جائیں گے اور ملکی معیشت کی بہتری کیلئے ٹھوس اقدامات کئے جا رہے ہیں جبکہ صوبائی حکومتوں کے ساتھ مل کر ترقیاتی منصوبوں کو مکمل کیا جائے گا اس موقع پر اجلاس میں مختلف امور پر تفصیلی غور کیا گیا اور فیصلہ کیا گیا کہ آئندہ مالی سال کے بجٹ میں عوامی ریلیف کو ترجیح دی جائے گی
نمبر

14
پاکستانی معیشت
عدالت نے فریقین کے دلائل سننے کے بعد فیصلہ محفوظ کر لیا اور سماعت آئندہ تاریخ تک ملتوی کر دی عدالت نے متعلقہ حکام کو ہدایت کی کہ آئندہ سماعت پر تمام ریکارڈ پیش کیا جائے اور درخواست گزار کے وکیل نے موقف اختیار کیا کہ ان کے موکل کو انصاف فراہم کیا جائے
کراچی شہر میں پانی کی قلت اور بجلی کی لوڈشیڈنگ کے خلاف شہریوں نے احتجاج کیا مظاہرین کا کہنا تھا کہ کئی روز سے علاقے میں پانی کی فراہمی معطل ہے اور متعلقہ ادارے کوئی کارروائی نہیں کر رہے شہریوں نے مطالبہ کیا کہ فوری طور پر مسائل حل کئے جائیں بصورت دیگر احتجاج کا دائرہ وسیع کیا جائے گا
نمبر

15
اسمبلی اجلاس
اسلام آباد وفاقی حکومت نے کہا ہے کہ عوام کی فلاح و بہبود کیلئے تمام وسائل بروئے کار لائے جائیں گے اور ملکی معیشت کی بہتری کیلئے ٹھوس اقدامات کئے جا رہے ہیں جبکہ صوبائی حکومتوں کے ساتھ مل کر ترقیاتی منصوبوں کو مکمل کیا جائے گا اس موقع پر اجلاس میں مختلف امور پر تفصیلی غور کیا گیا اور فیصلہ کیا گیا کہ آئندہ مالی سال کے بجٹ میں عوامی ریلیف کو ترجیح دی جائے گی
نمبر

16
اسمبلی کا اجلاس
کراچی شہر میں پانی کی قلت اور بجلی کی لوڈشیڈنگ کے خلاف شہریوں نے احتجاج کیا مظاہرین کا کہنا تھا کہ کئی روز سے علاقے میں پانی کی فراہمی معطل ہے اور متعلقہ ادارے کوئی کارروائی نہیں کر رہے شہریوں نے مطالبہ کیا کہ فوری طور پر مسائل حل کئے جائیں بصورت دیگر احتجاج کا دائرہ وسیع کیا جائے گا
عدالت نے فریقین کے دلائل سننے کے بعد فیصلہ محفوظ کر لیا اور سماعت آئندہ تاریخ تک ملتوی کر دی عدالت نے متعلقہ حکام کو ہدایت کی کہ آئندہ سماعت پر تمام ریکارڈ پیش کیا جائے اور درخواست گزار کے وکیل نے موقف اختیار کیا کہ ان کے موکل کو انصاف فراہم کیا جائے
اسلام آباد وفاقی حکومت نے کہا ہے کہ عوام کی فلاح و بہبود کیلئے تمام وسائل بروئے کار لائے جائیں گے اور ملکی معیشت کی بہتری کیلئے ٹھوس اقدامات کئے جا رہے ہیں جبکہ صوبائی حکومتوں کے ساتھ مل کر ترقیاتی منصوبوں کو مکمل کیا جائے گا اس موقع پر اجلاس میں مختلف امور پر تفصیلی غور کیا گیا اور فیصلہ کیا گیا کہ آئندہ مالی سال کے بجٹ میں عوامی ریلیف کو ترجیح دی جائے گی
اسلام آباد وفاقی حکومت نے کہا ہے کہ عوام کی فلاح و بہبود کیلئے تمام وسائل بروئے کار لائے جائیں گے اور ملکی معیشت کی بہتری کیلئے ٹھوس اقدامات کئے جا رہے ہیں جبکہ صوبائی حکومتوں کے ساتھ مل کر ترقیاتی منصوبوں کو مکمل کیا جائے گا اس موقع پر اجلاس میں مختلف امور پر تفصیلی غور کیا گیا اور فیصلہ کیا گیا کہ آئندہ مالی سال کے بجٹ میں عوامی ریلیف کو ترجیح دی جائے گی
نمبر

4
صدارتی انتخاب
عدالت نے فریقین کے دلائل سننے کے بعد فیصلہ محفوظ کر لیا اور سماعت آئندہ تاریخ تک ملتوی کر دی عدالت نے متعلقہ حکام کو ہدایت کی کہ آئندہ سماعت پر تمام ریکارڈ پیش کیا جائے اور درخواست گزار کے وکیل نے موقف اختیار کیا کہ ان کے موکل کو انصاف فراہم کیا جائے
نمبر

5
آئی ایم ایف
کراچی شہر میں پانی کی قلت اور بجلی کی لوڈشیڈنگ کے خلاف شہریوں نے احتجاج کیا مظاہرین کا کہنا تھا کہ کئی روز سے علاقے میں پانی کی فراہمی معطل ہے اور متعلقہ ادارے کوئی کارروائی نہیں کر رہے شہریوں نے مطالبہ کیا کہ فوری طور پر مسائل حل کئے جائیں بصورت دیگر احتجاج کا دائرہ وسیع کیا جائے گا
نمبر

6
زرداری کی صدارت
اسلام آباد وفاقی حکومت نے کہا ہے کہ عوام کی فلاح و بہبود کیلئے تمام وسائل بروئے کار لائے جائیں گے اور ملکی معیشت کی بہتری کیلئے ٹھوس اقدامات کئے جا رہے ہیں جبکہ صوبائی حکومتوں کے ساتھ مل کر ترقیاتی منصوبوں کو مکمل کیا جائے گا اس موقع پر اجلاس میں مختلف امور پر تفصیلی غور کیا گیا اور فیصلہ کیا گیا کہ آئندہ مالی سال کے بجٹ میں عوامی ریلیف کو ترجیح دی جائے گی
عدالت نے فریقین کے دلائل سننے کے بعد فیصلہ محفوظ کر لیا اور سماعت آئندہ تاریخ تک ملتوی کر دی عدالت نے متعلقہ حکام کو ہدایت کی کہ آئندہ سماعت پر تمام ریکارڈ پیش کیا جائے اور درخواست گزار کے وکیل نے موقف اختیار کیا کہ ان کے موکل کو انصاف فراہم کیا جائے
نمبر

7
ملازمت سے برطرفی
کراچی شہر میں پانی کی قلت اور بجلی کی لوڈشیڈنگ کے خلاف شہریوں نے احتجاج کیا مظاہرین کا کہنا تھا کہ کئی روز سے علاقے میں پانی کی فراہمی معطل ہے اور متعلقہ ادارے کوئی کارروائی نہیں کر رہے شہریوں نے مطالبہ کیا کہ فوری طور پر مسائل حل کئے جائیں بصورت دیگر احتجاج کا دائرہ وسیع کیا جائے گا
اسلام آباد وفاقی حکومت نے کہا ہے کہ عوام کی فلاح و بہبود کیلئے تمام وسائل بروئے کار لائے جائیں گے اور ملکی معیشت کی بہتری کیلئے ٹھوس اقدامات کئے جا رہے ہیں جبکہ صوبائی حکومتوں کے ساتھ مل کر ترقیاتی منصوبوں کو مکمل کیا جائے گا اس موقع پر اجلاس میں مختلف امور پر تفصیلی غور کیا گیا اور فیصلہ کیا گیا کہ آئندہ مالی سال کے بجٹ میں عوامی ریلیف کو ترجیح دی جائے گی
نمبر

8
سپریم کورٹ
عدالت نے فریقین کے دلائل سننے کے بعد فیصلہ محفوظ کر لیا اور سماعت آئندہ تاریخ تک ملتوی کر دی عدالت نے متعلقہ حکام کو ہدایت کی کہ آئندہ سماعت پر تمام ریکارڈ پیش کیا جائے اور درخواست گزار کے وکیل نے موقف اختیار کیا کہ ان کے موکل کو انصاف فراہم کیا جائے
کراچی شہر میں پانی کی قلت اور بجلی کی لوڈشیڈنگ کے خلاف شہریوں نے احتجاج کیا مظاہرین کا کہنا تھا کہ کئی روز سے علاقے میں پانی کی فراہمی معطل ہے اور متعلقہ ادارے کوئی کارروائی نہیں کر رہے شہریوں نے مطالبہ کیا کہ فوری طور پر مسائل حل کئے جائیں بصورت دیگر احتجاج کا دائرہ وسیع کیا جائے گا
اسلام آباد وفاقی حکومت نے کہا ہے کہ عوام کی فلاح و بہبود کیلئے تمام وسائل بروئے کار لائے جائیں گے اور ملکی معیشت کی بہتری کیلئے ٹھوس اقدامات کئے جا رہے ہیں جبکہ صوبائی حکومتوں کے ساتھ مل کر ترقیاتی منصوبوں کو مکمل کیا جائے گا اس موقع پر اجلاس میں مختلف امور پر تفصیلی غور کیا گیا اور فیصلہ کیا گیا کہ آئندہ مالی سال کے بجٹ میں عوامی ریلیف کو ترجیح دی جائے گی
نمبر

9
سعودی کابینہ
عدالت نے فریقین کے دلائل سننے کے بعد فیصلہ محفوظ کر لیا اور سماعت آئندہ تاریخ تک ملتوی کر دی عدالت نے متعلقہ حکام کو ہدایت کی کہ آئندہ سماعت پر تمام ریکارڈ پیش کیا جائے اور درخواست گزار کے وکیل نے موقف اختیار کیا کہ ان کے موکل کو انصاف فراہم کیا جائے
نمبر

1
77 برس کا ہوں
اسلام آباد وفاقی حکومت نے کہا ہے کہ عوام کی فلاح و بہبود کیلئے تمام وسائل بروئے کار لائے جائیں گے اور ملکی معیشت کی بہتری کیلئے ٹھوس اقدامات کئے جا رہے ہیں جبکہ صوبائی حکومتوں کے ساتھ مل کر ترقیاتی منصوبوں کو مکمل کیا جائے گا اس موقع پر اجلاس میں مختلف امور پر تفصیلی غور کیا گیا اور فیصلہ کیا گیا کہ آئندہ مالی سال کے بجٹ میں عوامی ریلیف کو ترجیح دی جائے گی
کراچی شہر میں پانی کی قلت اور بجلی کی لوڈشیڈنگ کے خلاف شہریوں نے احتجاج کیا مظاہرین کا کہنا تھا کہ کئی روز سے علاقے میں پانی کی فراہمی معطل ہے اور متعلقہ ادارے کوئی کارروائی نہیں کر رہے شہریوں نے مطالبہ کیا کہ فوری طور پر مسائل حل کئے جائیں بصورت دیگر احتجاج کا دائرہ وسیع کیا جائے گا
عدالت نے فریقین کے دلائل سننے کے بعد فیصلہ محفوظ کر لیا اور سماعت آئندہ تاریخ تک ملتوی کر دی عدالت نے متعلقہ حکام کو ہدایت کی کہ آئندہ سماعت پر تمام ریکارڈ پیش کیا جائے اور درخواست گزار کے وکیل نے موقف اختیار کیا کہ ان کے موکل کو انصاف فراہم کیا جائے
اسلام آباد وفاقی حکومت نے کہا ہے کہ عوام کی فلاح و بہبود کیلئے تمام وسائل بروئے کار لائے جائیں گے اور ملکی معیشت کی بہتری کیلئے ٹھوس اقدامات کئے جا رہے ہیں جبکہ صوبائی حکومتوں کے ساتھ مل کر ترقیاتی منصوبوں کو مکمل کیا جائے گا اس موقع پر اجلاس میں مختلف امور پر تفصیلی غور کیا گیا اور فیصلہ کیا گیا کہ آئندہ مالی سال کے بجٹ میں عوامی ریلیف کو ترجیح دی جائے گی
کراچی شہر میں پانی کی قلت اور بجلی کی لوڈشیڈنگ کے خلاف شہریوں نے احتجاج کیا مظاہرین کا کہنا تھا کہ کئی روز سے علاقے میں پانی کی فراہمی معطل ہے اور متعلقہ ادارے کوئی کارروائی نہیں کر رہے شہریوں نے مطالبہ کیا کہ فوری طور پر مسائل حل کئے جائیں بصورت دیگر احتجاج کا دائرہ وسیع کیا جائے گا
نمبر

2
سلطانیہ سے مستقل سند
عدالت نے فریقین کے دلائل سننے کے بعد فیصلہ محفوظ کر لیا اور سماعت آئندہ تاریخ تک ملتوی کر دی عدالت نے متعلقہ حکام کو ہدایت کی کہ آئندہ سماعت پر تمام ریکارڈ پیش کیا جائے اور درخواست گزار کے وکیل نے موقف اختیار کیا کہ ان کے موکل کو انصاف فراہم کیا جائے
اسلام آباد وفاقی حکومت نے کہا ہے کہ عوام کی فلاح و بہبود کیلئے تمام وسائل بروئے کار لائے جائیں گے اور ملکی معیشت کی بہتری کیلئے ٹھوس اقدامات کئے جا رہے ہیں جبکہ صوبائی حکومتوں کے ساتھ مل کر ترقیاتی منصوبوں کو مکمل کیا جائے گا اس موقع پر اجلاس میں مختلف امور پر تفصیلی غور کیا گیا اور فیصلہ کیا گیا کہ آئندہ مالی سال کے بجٹ میں عوامی ریلیف کو ترجیح دی جائے گی
کراچی شہر میں پانی کی قلت اور بجلی کی لوڈشیڈنگ کے خلاف شہریوں نے احتجاج کیا مظاہرین کا کہنا تھا کہ کئی روز سے علاقے میں پانی کی فراہمی معطل ہے اور متعلقہ ادارے کوئی کارروائی نہیں کر رہے شہریوں نے مطالبہ کیا کہ فوری طور پر مسائل حل کئے جائیں بصورت دیگر احتجاج کا دائرہ وسیع کیا جائے گا
نمبر

3
شہباز شریف سے ملاقات
عدالت نے فریقین کے دلائل سننے کے بعد فیصلہ محفوظ کر لیا اور سماعت آئندہ تاریخ تک ملتوی کر دی عدالت نے متعلقہ حکام کو ہدایت کی کہ آئندہ سماعت پر تمام ریکارڈ پیش کیا جائے اور درخواست گزار کے وکیل نے موقف اختیار کیا کہ ان کے موکل کو انصاف فراہم کیا جائے
اسلام آباد وفاقی حکومت نے کہا ہے کہ عوام کی فلاح و بہبود کیلئے تمام وسائل بروئے کار لائے جائیں گے اور ملکی معیشت کی بہتری کیلئے ٹھوس اقدامات کئے جا رہے ہیں جبکہ صوبائی حکومتوں کے ساتھ مل کر ترقیاتی منصوبوں کو مکمل کیا جائے گا اس موقع پر اجلاس میں مختلف امور پر تفصیلی غور کیا گیا اور فیصلہ کیا گیا کہ آئندہ مالی سال کے بجٹ میں عوامی ریلیف کو ترجیح دی جائے گی
اسلام آباد وفاقی حکومت نے کہا ہے کہ عوام کی فلاح و بہبود کیلئے تمام وسائل بروئے کار لائے جائیں گے اور ملکی معیشت کی بہتری کیلئے ٹھوس اقدامات کئے جا رہے ہیں جبکہ صوبائی حکومتوں کے ساتھ مل کر ترقیاتی منصوبوں کو مکمل کیا جائے گا اس موقع پر اجلاس میں مختلف امور پر تفصیلی غور کیا گیا اور فیصلہ کیا گیا کہ آئندہ مالی سال کے بجٹ میں عوامی ریلیف کو ترجیح دی جائے گی
نمبر

27
شعر
عدالت نے فریقین کے دلائل سننے کے بعد فیصلہ محفوظ کر لیا اور سماعت آئندہ تاریخ تک ملتوی کر دی عدالت نے متعلقہ حکام کو ہدایت کی کہ آئندہ سماعت پر تمام ریکارڈ پیش کیا جائے اور درخواست گزار کے وکیل نے موقف اختیار کیا کہ ان کے موکل کو انصاف فراہم کیا جائے
کراچی شہر میں پانی کی قلت اور بجلی کی لوڈشیڈنگ کے خلاف شہریوں نے احتجاج کیا مظاہرین کا کہنا تھا کہ کئی روز سے علاقے میں پانی کی فراہمی معطل ہے اور متعلقہ ادارے کوئی کارروائی نہیں کر رہے شہریوں نے مطالبہ کیا کہ فوری طور پر مسائل حل کئے جائیں بصورت دیگر احتجاج کا دائرہ وسیع کیا جائے گا
عدالت نے فریقین کے دلائل سننے کے بعد فیصلہ محفوظ کر لیا اور سماعت آئندہ تاریخ تک ملتوی کر دی عدالت نے متعلقہ حکام کو ہدایت کی کہ آئندہ سماعت پر تمام ریکارڈ پیش کیا جائے اور درخواست گزار کے وکیل نے موقف اختیار کیا کہ ان کے موکل کو انصاف فراہم کیا جائے
اسلام آباد وفاقی حکومت نے کہا ہے کہ عوام کی فلاح و بہبود کیلئے تمام وسائل بروئے کار لائے جائیں گے اور ملکی معیشت کی بہتری کیلئے ٹھوس اقدامات کئے جا رہے ہیں جبکہ صوبائی حکومتوں کے ساتھ مل کر ترقیاتی منصوبوں کو مکمل کیا جائے گا اس موقع پر اجلاس میں مختلف امور پر تفصیلی غور کیا گیا اور فیصلہ کیا گیا کہ آئندہ مالی سال کے بجٹ میں عوامی ریلیف کو ترجیح دی جائے گی
نمبر

26
لیبر
عدالت نے فریقین کے دلائل سننے کے بعد فیصلہ محفوظ کر لیا اور سماعت آئندہ تاریخ تک ملتوی کر دی عدالت نے متعلقہ حکام کو ہدایت کی کہ آئندہ سماعت پر تمام ریکارڈ پیش کیا جائے اور درخواست گزار کے وکیل نے موقف اختیار کیا کہ ان کے موکل کو انصاف فراہم کیا جائے
نمبر

25
ٹرانسپورٹ
کراچی شہر میں پانی کی قلت اور بجلی کی لوڈشیڈنگ کے خلاف شہریوں نے احتجاج کیا مظاہرین کا کہنا تھا کہ کئی روز سے علاقے میں پانی کی فراہمی معطل ہے اور متعلقہ ادارے کوئی کارروائی نہیں کر رہے شہریوں نے مطالبہ کیا کہ فوری طور پر مسائل حل کئے جائیں بصورت دیگر احتجاج کا دائرہ وسیع کیا جائے گا
نمبر

24
سینیٹ انتخاب
نمبر

17
کراچی کی صورتحال
اسلام آباد وفاقی حکومت نے کہا ہے کہ عوام کی فلاح و بہبود کیلئے تمام وسائل بروئے کار لائے جائیں گے اور ملکی معیشت کی بہتری کیلئے ٹھوس اقدامات کئے جا رہے ہیں جبکہ صوبائی حکومتوں کے ساتھ مل کر ترقیاتی منصوبوں کو مکمل کیا جائے گا اس موقع پر اجلاس میں مختلف امور پر تفصیلی غور کیا گیا اور فیصلہ کیا گیا کہ آئندہ مالی سال کے بجٹ میں عوامی ریلیف کو ترجیح دی جائے گی
نمبر

18
وزیراعلیٰ کا حلف
عدالت نے فریقین کے دلائل سننے کے بعد فیصلہ محفوظ کر لیا اور سماعت آئندہ تاریخ تک ملتوی کر دی عدالت نے متعلقہ حکام کو ہدایت کی کہ آئندہ سماعت پر تمام ریکارڈ پیش کیا جائے اور درخواست گزار کے وکیل نے موقف اختیار کیا کہ ان کے موکل کو انصاف فراہم کیا جائے
نمبر

19
گرفتاری
اسلام آباد وفاقی حکومت نے کہا ہے کہ عوام کی فلاح و بہبود کیلئے تمام وسائل بروئے کار لائے جائیں گے اور ملکی معیشت کی بہتری کیلئے ٹھوس اقدامات کئے جا رہے ہیں جبکہ صوبائی حکومتوں کے ساتھ مل کر ترقیاتی منصوبوں کو مکمل کیا جائے گا اس موقع پر اجلاس میں مختلف امور پر تفصیلی غور کیا گیا اور فیصلہ کیا گیا کہ آئندہ مالی سال کے بجٹ میں عوامی ریلیف کو ترجیح دی جائے گی
کراچی شہر میں پانی کی قلت اور بجلی کی لوڈشیڈنگ کے خلاف شہریوں نے احتجاج کیا مظاہرین کا کہنا تھا کہ کئی روز سے علاقے میں پانی کی فراہمی معطل ہے اور متعلقہ ادارے کوئی کارروائی نہیں کر رہے شہریوں نے مطالبہ کیا کہ فوری طور پر مسائل حل کئے جائیں بصورت دیگر احتجاج کا دائرہ وسیع کیا جائے گا
عدالت نے فریقین کے دلائل سننے کے بعد فیصلہ محفوظ کر لیا اور سماعت آئندہ تاریخ تک ملتوی کر دی عدالت نے متعلقہ حکام کو ہدایت کی کہ آئندہ سماعت پر تمام ریکارڈ پیش کیا جائے اور درخواست گزار کے وکیل نے موقف اختیار کیا کہ ان کے موکل کو انصاف فراہم کیا جائے
